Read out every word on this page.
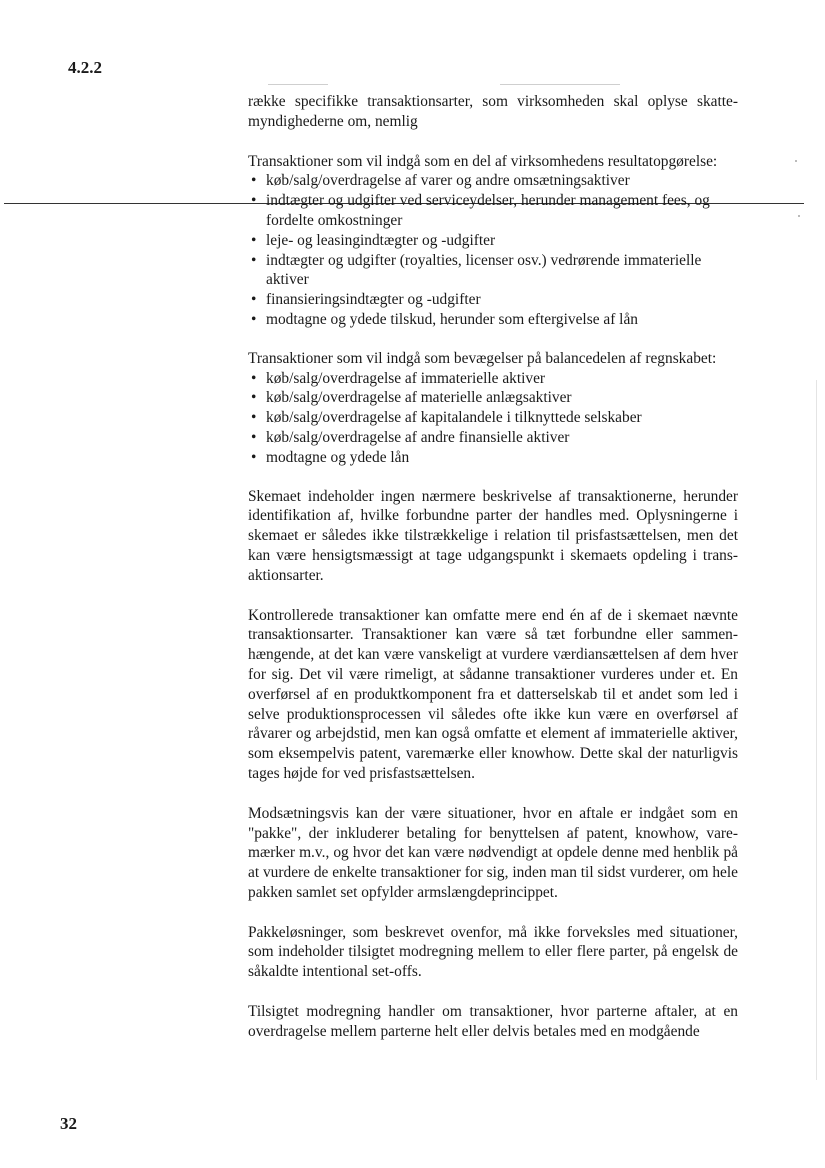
4.2.2

række specifikke transaktionsarter, som virksomheden skal oplyse skattemyndighederne om, nemlig

Transaktioner som vil indgå som en del af virksomhedens resultatopgørelse:

• køb/salg/overdragelse af varer og andre omsætningsaktiver
• indtægter og udgifter ved serviceydelser, herunder management fees, og fordelte omkostninger
• leje- og leasingindtægter og -udgifter
• indtægter og udgifter (royalties, licenser osv.) vedrørende immaterielle aktiver
• finansieringsindtægter og -udgifter
• modtagne og ydede tilskud, herunder som eftergivelse af lån

Transaktioner som vil indgå som bevægelser på balancedelen af regnskabet:

• køb/salg/overdragelse af immaterielle aktiver
• køb/salg/overdragelse af materielle anlægsaktiver
• køb/salg/overdragelse af kapitalandele i tilknyttede selskaber
• køb/salg/overdragelse af andre finansielle aktiver
• modtagne og ydede lån

Skemaet indeholder ingen nærmere beskrivelse af transaktionerne, herunder identifikation af, hvilke forbundne parter der handles med. Oplysningerne i skemaet er således ikke tilstrækkelige i relation til prisfastsættelsen, men det kan være hensigtsmæssigt at tage udgangspunkt i skemaets opdeling i transaktionsarter.

Kontrollerede transaktioner kan omfatte mere end én af de i skemaet nævnte transaktionsarter. Transaktioner kan være så tæt forbundne eller sammenhængende, at det kan være vanskeligt at vurdere værdiansættelsen af dem hver for sig. Det vil være rimeligt, at sådanne transaktioner vurderes under et. En overførsel af en produktkomponent fra et datterselskab til et andet som led i selve produktionsprocessen vil således ofte ikke kun være en overførsel af råvarer og arbejdstid, men kan også omfatte et element af immaterielle aktiver, som eksempelvis patent, varemærke eller knowhow. Dette skal der naturligvis tages højde for ved prisfastsættelsen.

Modsætningsvis kan der være situationer, hvor en aftale er indgået som en "pakke", der inkluderer betaling for benyttelsen af patent, knowhow, varemærker m.v., og hvor det kan være nødvendigt at opdele denne med henblik på at vurdere de enkelte transaktioner for sig, inden man til sidst vurderer, om hele pakken samlet set opfylder armslængdeprincippet.

Pakkeløsninger, som beskrevet ovenfor, må ikke forveksles med situationer, som indeholder tilsigtet modregning mellem to eller flere parter, på engelsk de såkaldte intentional set-offs.

Tilsigtet modregning handler om transaktioner, hvor parterne aftaler, at en overdragelse mellem parterne helt eller delvis betales med en modgående

32
